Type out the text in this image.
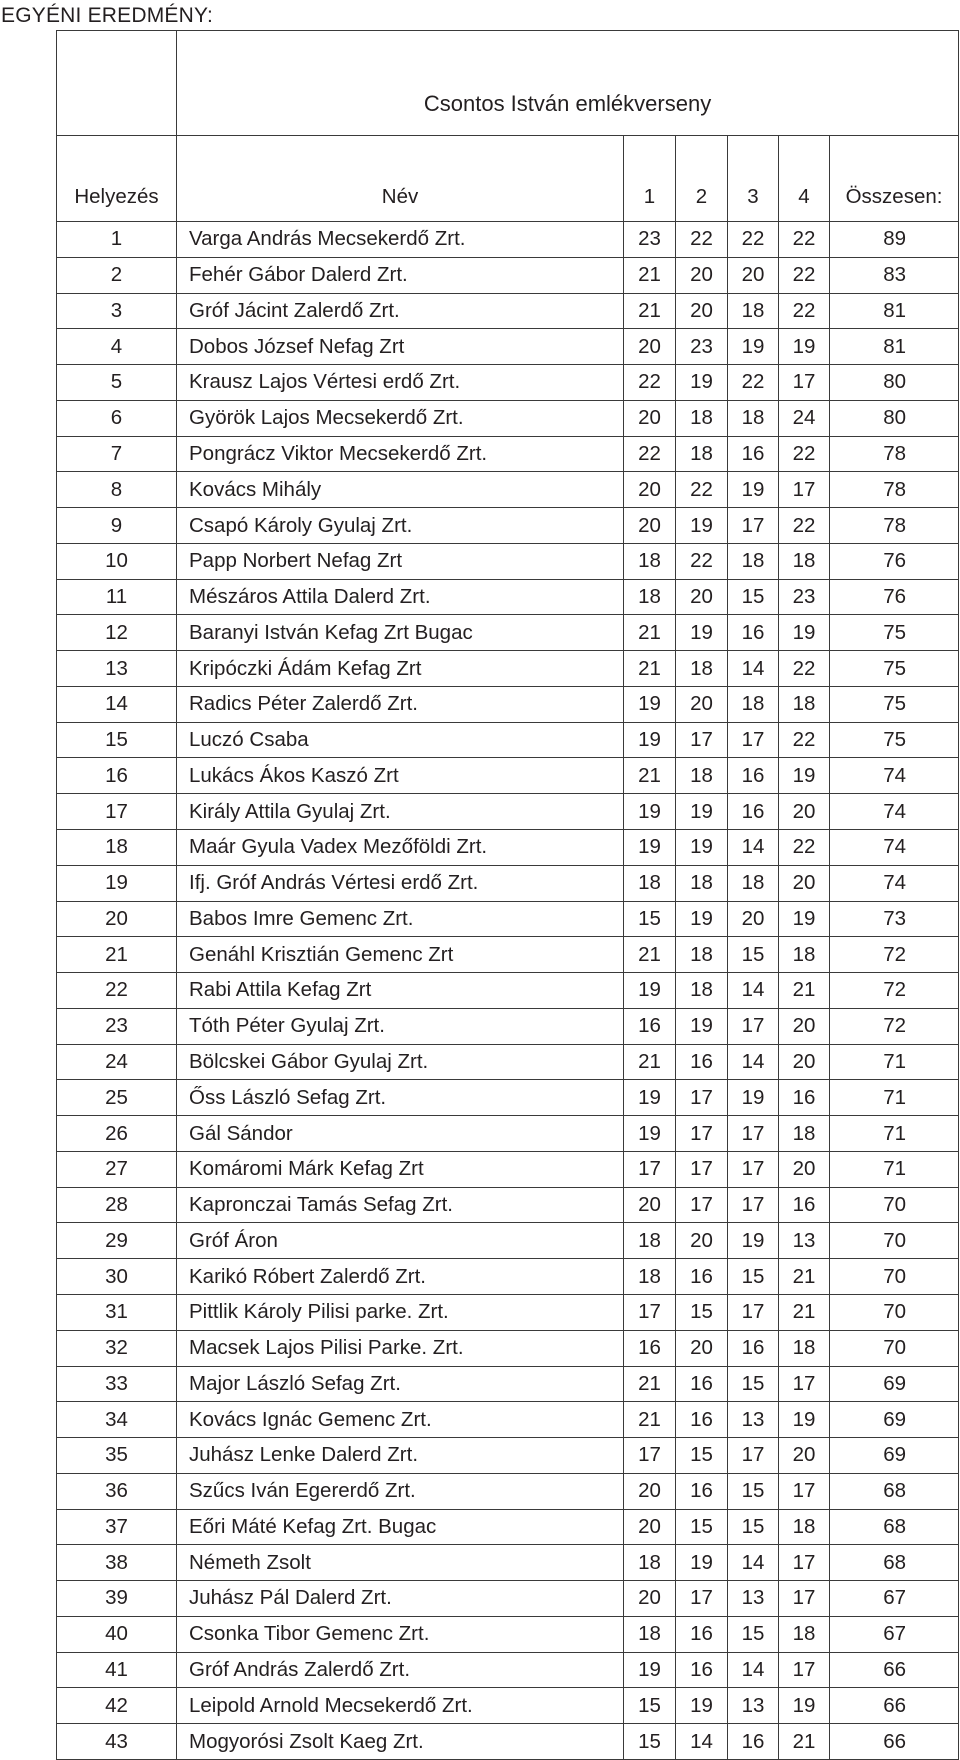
EGYÉNI EREDMÉNY:
	Csontos István emlékverseny					
Helyezés	Név	1	2	3	4	Összesen:
1	Varga András Mecsekerdő Zrt.	23	22	22	22	89
2	Fehér Gábor Dalerd Zrt.	21	20	20	22	83
3	Gróf Jácint Zalerdő Zrt.	21	20	18	22	81
4	Dobos József Nefag Zrt	20	23	19	19	81
5	Krausz Lajos Vértesi erdő Zrt.	22	19	22	17	80
6	Györök Lajos Mecsekerdő Zrt.	20	18	18	24	80
7	Pongrácz Viktor Mecsekerdő Zrt.	22	18	16	22	78
8	Kovács Mihály	20	22	19	17	78
9	Csapó Károly Gyulaj Zrt.	20	19	17	22	78
10	Papp Norbert Nefag Zrt	18	22	18	18	76
11	Mészáros Attila Dalerd Zrt.	18	20	15	23	76
12	Baranyi István Kefag Zrt Bugac	21	19	16	19	75
13	Kripóczki Ádám Kefag Zrt	21	18	14	22	75
14	Radics Péter Zalerdő Zrt.	19	20	18	18	75
15	Luczó Csaba	19	17	17	22	75
16	Lukács Ákos Kaszó Zrt	21	18	16	19	74
17	Király Attila Gyulaj Zrt.	19	19	16	20	74
18	Maár Gyula Vadex Mezőföldi Zrt.	19	19	14	22	74
19	Ifj. Gróf András Vértesi erdő Zrt.	18	18	18	20	74
20	Babos Imre Gemenc Zrt.	15	19	20	19	73
21	Genáhl Krisztián Gemenc Zrt	21	18	15	18	72
22	Rabi Attila Kefag Zrt	19	18	14	21	72
23	Tóth Péter Gyulaj Zrt.	16	19	17	20	72
24	Bölcskei Gábor Gyulaj Zrt.	21	16	14	20	71
25	Őss László Sefag Zrt.	19	17	19	16	71
26	Gál Sándor	19	17	17	18	71
27	Komáromi Márk Kefag Zrt	17	17	17	20	71
28	Kapronczai Tamás Sefag Zrt.	20	17	17	16	70
29	Gróf Áron	18	20	19	13	70
30	Karikó Róbert Zalerdő Zrt.	18	16	15	21	70
31	Pittlik Károly Pilisi parke. Zrt.	17	15	17	21	70
32	Macsek Lajos Pilisi Parke. Zrt.	16	20	16	18	70
33	Major László Sefag Zrt.	21	16	15	17	69
34	Kovács Ignác Gemenc Zrt.	21	16	13	19	69
35	Juhász Lenke Dalerd Zrt.	17	15	17	20	69
36	Szűcs Iván Egererdő Zrt.	20	16	15	17	68
37	Eőri Máté Kefag Zrt. Bugac	20	15	15	18	68
38	Németh Zsolt	18	19	14	17	68
39	Juhász Pál Dalerd Zrt.	20	17	13	17	67
40	Csonka Tibor Gemenc Zrt.	18	16	15	18	67
41	Gróf András Zalerdő Zrt.	19	16	14	17	66
42	Leipold Arnold Mecsekerdő Zrt.	15	19	13	19	66
43	Mogyorósi Zsolt Kaeg Zrt.	15	14	16	21	66
